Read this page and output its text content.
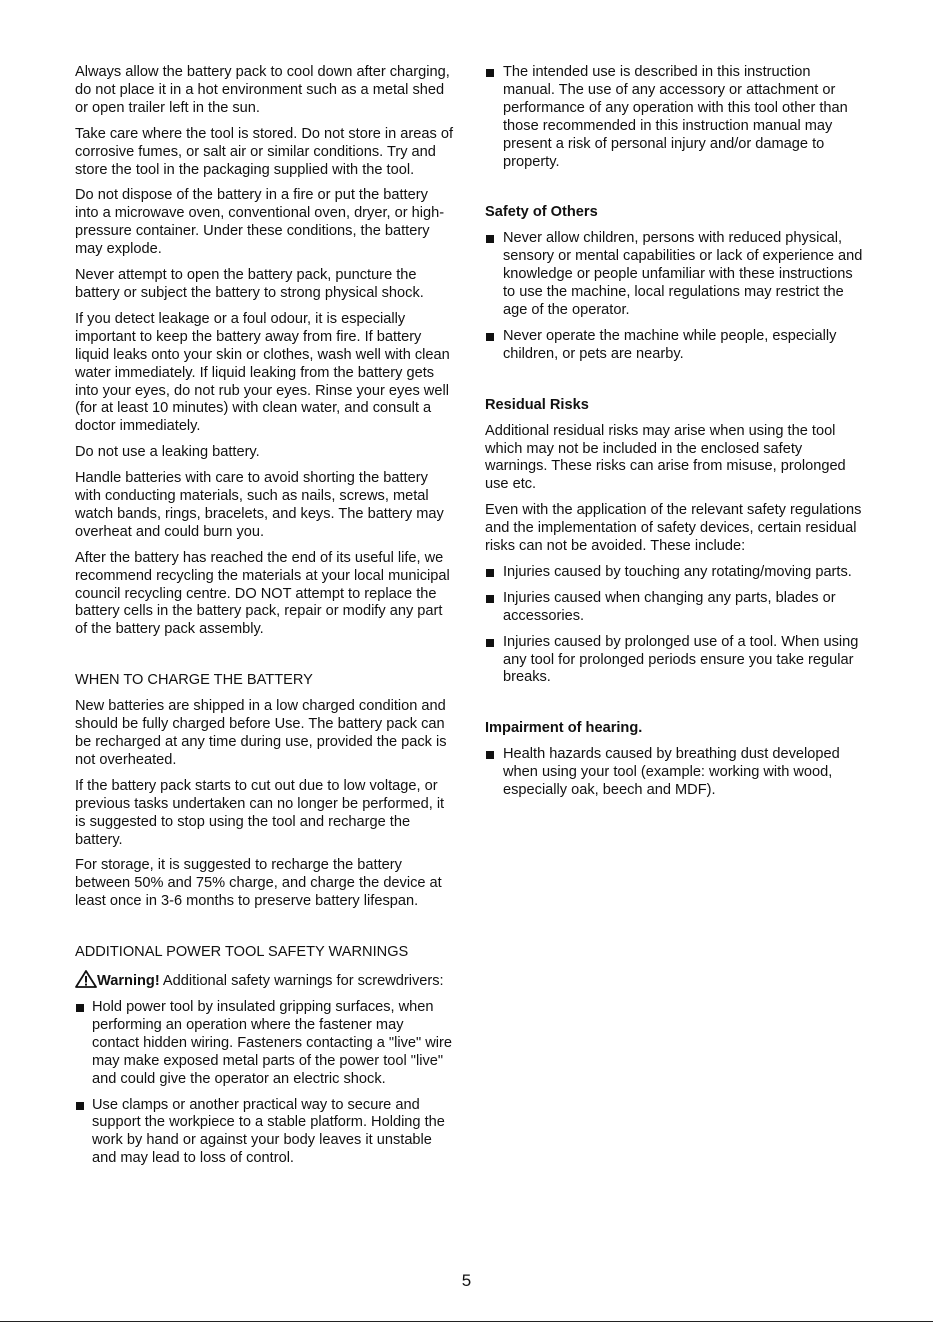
Always allow the battery pack to cool down after charging, do not place it in a hot environment such as a metal shed or open trailer left in the sun.

Take care where the tool is stored. Do not store in areas of corrosive fumes, or salt air or similar conditions. Try and store the tool in the packaging supplied with the tool.

Do not dispose of the battery in a fire or put the battery into a microwave oven, conventional oven, dryer, or high-pressure container. Under these conditions, the battery may explode.

Never attempt to open the battery pack, puncture the battery or subject the battery to strong physical shock.

If you detect leakage or a foul odour, it is especially important to keep the battery away from fire. If battery liquid leaks onto your skin or clothes, wash well with clean water immediately. If liquid leaking from the battery gets into your eyes, do not rub your eyes. Rinse your eyes well (for at least 10 minutes) with clean water, and consult a doctor immediately.

Do not use a leaking battery.

Handle batteries with care to avoid shorting the battery with conducting materials, such as nails, screws, metal watch bands, rings, bracelets, and keys. The battery may overheat and could burn you.

After the battery has reached the end of its useful life, we recommend recycling the materials at your local municipal council recycling centre. DO NOT attempt to replace the battery cells in the battery pack, repair or modify any part of the battery pack assembly.

WHEN TO CHARGE THE BATTERY

New batteries are shipped in a low charged condition and should be fully charged before Use. The battery pack can be recharged at any time during use, provided the pack is not overheated.

If the battery pack starts to cut out due to low voltage, or previous tasks undertaken can no longer be performed, it is suggested to stop using the tool and recharge the battery.

For storage, it is suggested to recharge the battery between 50% and 75% charge, and charge the device at least once in 3-6 months to preserve battery lifespan.

ADDITIONAL POWER TOOL SAFETY WARNINGS
Warning! Additional safety warnings for screwdrivers:
Hold power tool by insulated gripping surfaces, when performing an operation where the fastener may contact hidden wiring. Fasteners contacting a "live" wire may make exposed metal parts of the power tool "live" and could give the operator an electric shock.
Use clamps or another practical way to secure and support the workpiece to a stable platform. Holding the work by hand or against your body leaves it unstable and may lead to loss of control.
The intended use is described in this instruction manual. The use of any accessory or attachment or performance of any operation with this tool other than those recommended in this instruction manual may present a risk of personal injury and/or damage to property.
Safety of Others
Never allow children, persons with reduced physical, sensory or mental capabilities or lack of experience and knowledge or people unfamiliar with these instructions to use the machine, local regulations may restrict the age of the operator.
Never operate the machine while people, especially children, or pets are nearby.
Residual Risks

Additional residual risks may arise when using the tool which may not be included in the enclosed safety warnings. These risks can arise from misuse, prolonged use etc.

Even with the application of the relevant safety regulations and the implementation of safety devices, certain residual risks can not be avoided. These include:

Injuries caused by touching any rotating/moving parts.
Injuries caused when changing any parts, blades or accessories.
Injuries caused by prolonged use of a tool. When using any tool for prolonged periods ensure you take regular breaks.
Impairment of hearing.
Health hazards caused by breathing dust developed when using your tool (example: working with wood, especially oak, beech and MDF).
5
